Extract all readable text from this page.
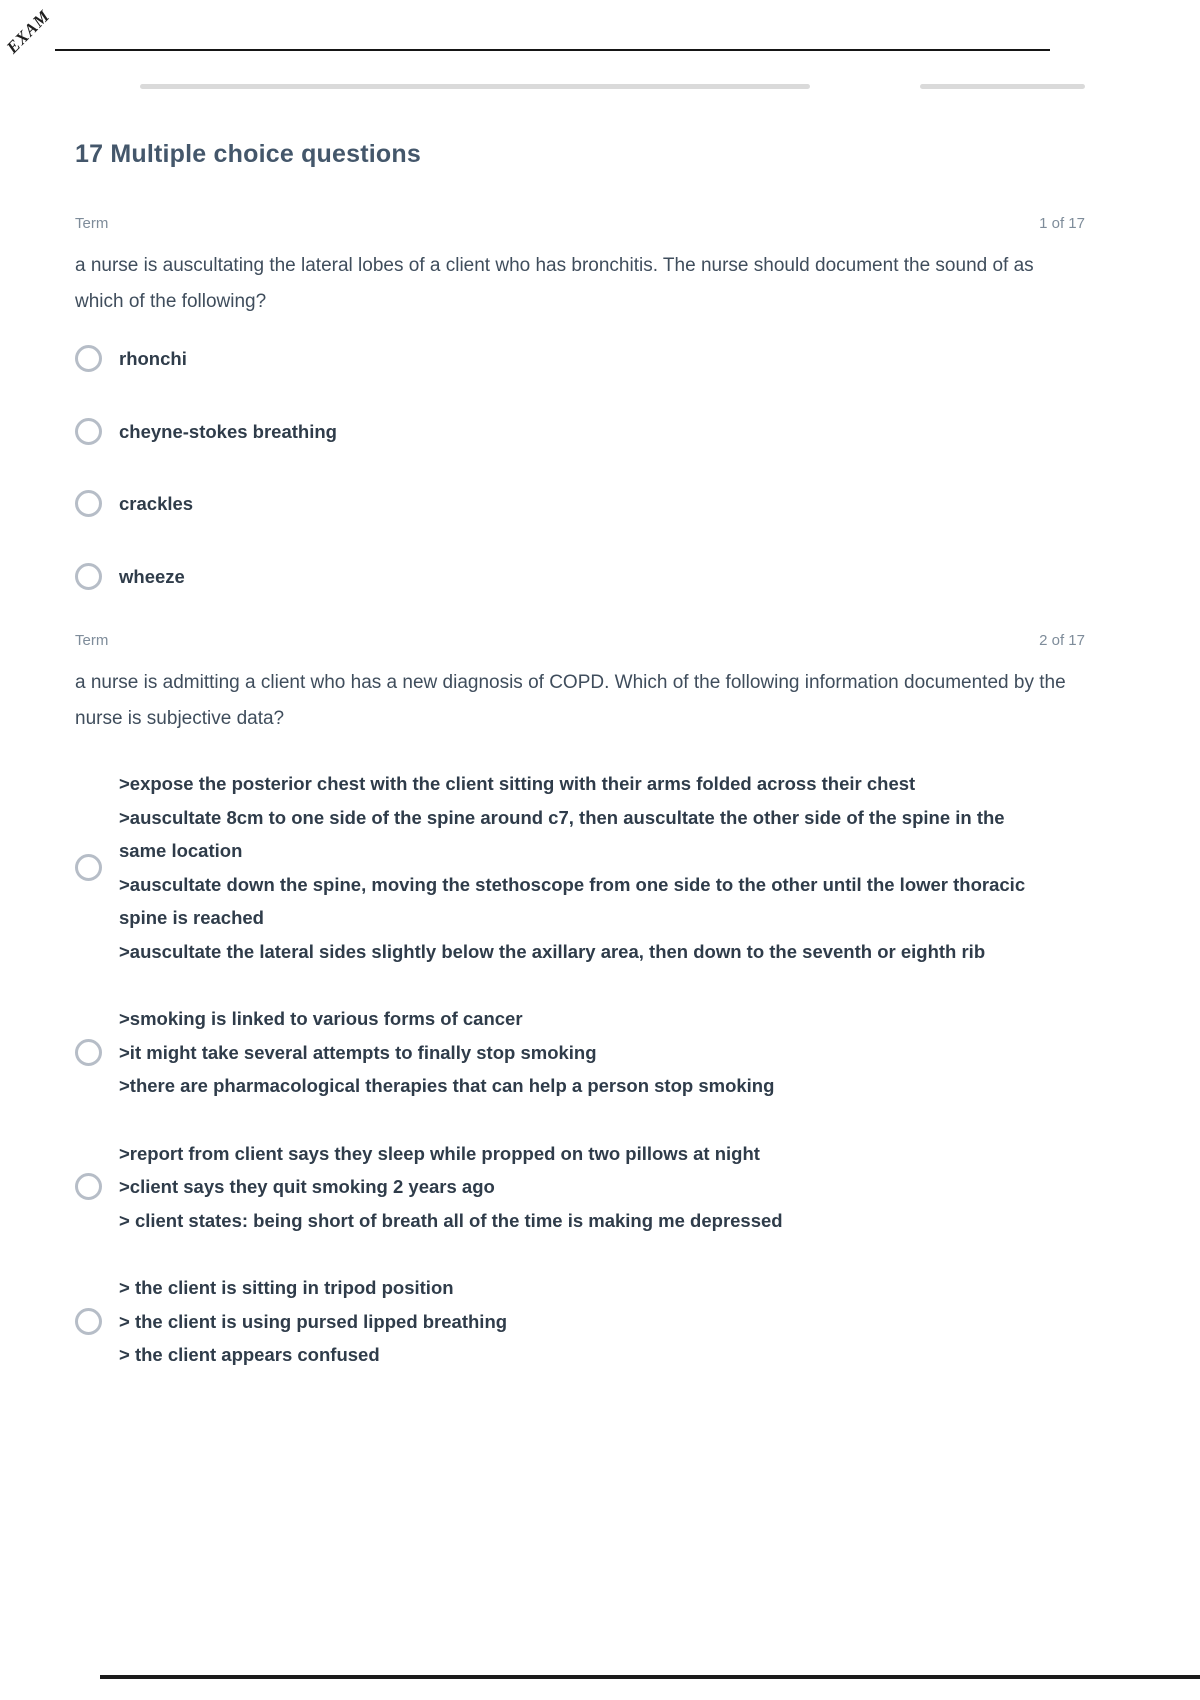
EXAM
17 Multiple choice questions
Term	1 of 17

a nurse is auscultating the lateral lobes of a client who has bronchitis. The nurse should document the sound of as which of the following?

rhonchi
cheyne-stokes breathing
crackles
wheeze
Term	2 of 17

a nurse is admitting a client who has a new diagnosis of COPD. Which of the following information documented by the nurse is subjective data?

>expose the posterior chest with the client sitting with their arms folded across their chest
>auscultate 8cm to one side of the spine around c7, then auscultate the other side of the spine in the same location
>auscultate down the spine, moving the stethoscope from one side to the other until the lower thoracic spine is reached
>auscultate the lateral sides slightly below the axillary area, then down to the seventh or eighth rib
>smoking is linked to various forms of cancer
>it might take several attempts to finally stop smoking
>there are pharmacological therapies that can help a person stop smoking
>report from client says they sleep while propped on two pillows at night
>client says they quit smoking 2 years ago
> client states: being short of breath all of the time is making me depressed
> the client is sitting in tripod position
> the client is using pursed lipped breathing
> the client appears confused
